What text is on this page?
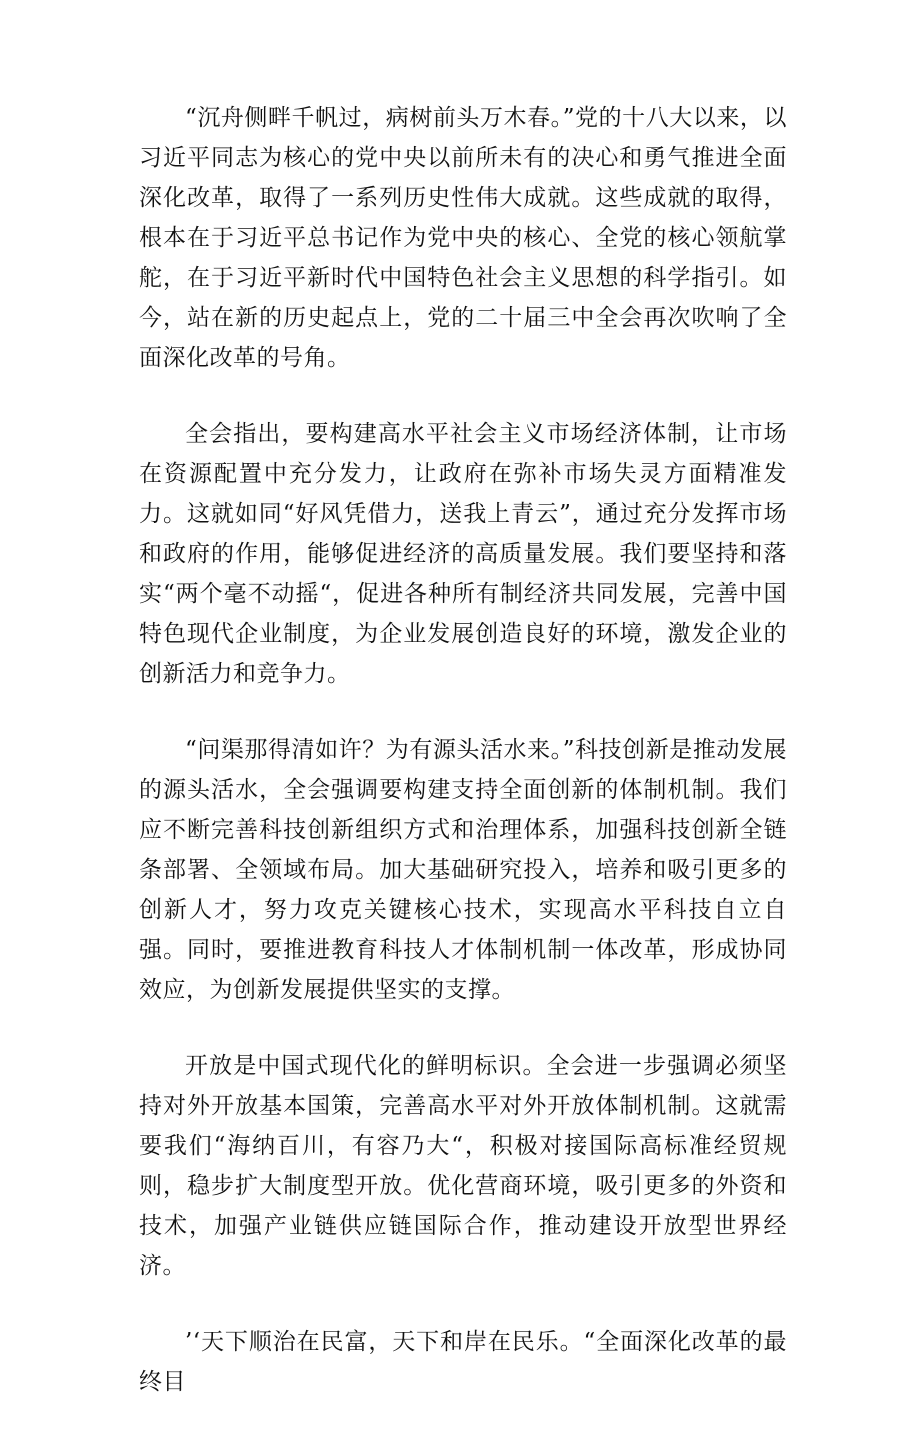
“沉舟侧畔千帆过，病树前头万木春。”党的十八大以来，以习近平同志为核心的党中央以前所未有的决心和勇气推进全面深化改革，取得了一系列历史性伟大成就。这些成就的取得，根本在于习近平总书记作为党中央的核心、全党的核心领航掌舵，在于习近平新时代中国特色社会主义思想的科学指引。如今，站在新的历史起点上，党的二十届三中全会再次吹响了全面深化改革的号角。

全会指出，要构建高水平社会主义市场经济体制，让市场在资源配置中充分发力，让政府在弥补市场失灵方面精准发力。这就如同“好风凭借力，送我上青云”，通过充分发挥市场和政府的作用，能够促进经济的高质量发展。我们要坚持和落实“两个毫不动摇“，促进各种所有制经济共同发展，完善中国特色现代企业制度，为企业发展创造良好的环境，激发企业的创新活力和竞争力。

“问渠那得清如许？为有源头活水来。”科技创新是推动发展的源头活水，全会强调要构建支持全面创新的体制机制。我们应不断完善科技创新组织方式和治理体系，加强科技创新全链条部署、全领域布局。加大基础研究投入，培养和吸引更多的创新人才，努力攻克关键核心技术，实现高水平科技自立自强。同时，要推进教育科技人才体制机制一体改革，形成协同效应，为创新发展提供坚实的支撑。

开放是中国式现代化的鲜明标识。全会进一步强调必须坚持对外开放基本国策，完善高水平对外开放体制机制。这就需要我们“海纳百川，有容乃大“，积极对接国际高标准经贸规则，稳步扩大制度型开放。优化营商环境，吸引更多的外资和技术，加强产业链供应链国际合作，推动建设开放型世界经济。

’‘天下顺治在民富，天下和岸在民乐。“全面深化改革的最终目
